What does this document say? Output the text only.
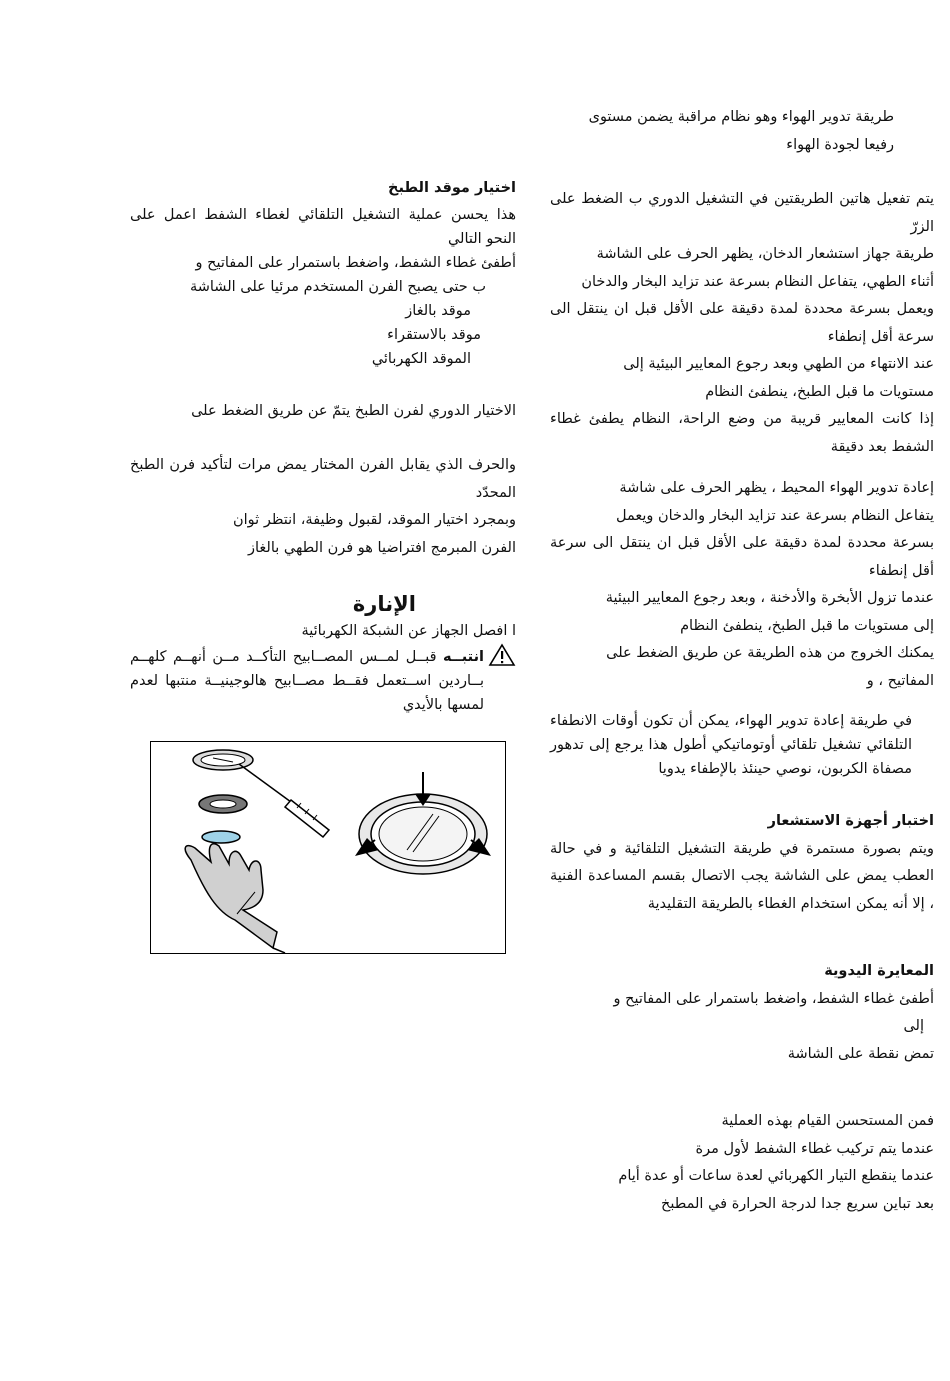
طريقة تدوير الهواء وهو نظام مراقبة يضمن مستوى

رفيعا لجودة الهواء

يتم تفعيل هاتين الطريقتين في التشغيل الدوري ب الضغط على الزرّ

طريقة جهاز استشعار الدخان، يظهر الحرف على الشاشة

أثناء الطهي، يتفاعل النظام بسرعة عند تزايد البخار والدخان

ويعمل بسرعة محددة لمدة دقيقة على الأقل قبل ان ينتقل الى سرعة أقل إنطفاء

عند الانتهاء من الطهي وبعد رجوع المعايير البيئية إلى

مستويات ما قبل الطبخ، ينطفئ النظام

إذا كانت المعايير قريبة من وضع الراحة، النظام يطفئ غطاء الشفط بعد دقيقة

إعادة تدوير الهواء المحيط ، يظهر الحرف على شاشة

يتفاعل النظام بسرعة عند تزايد البخار والدخان ويعمل

بسرعة محددة لمدة دقيقة على الأقل قبل ان ينتقل الى سرعة أقل إنطفاء

عندما تزول الأبخرة والأدخنة ، وبعد رجوع المعايير البيئية

إلى مستويات ما قبل الطبخ، ينطفئ النظام

يمكنك الخروج من هذه الطريقة عن طريق الضغط على

المفاتيح ، و

في طريقة إعادة تدوير الهواء، يمكن أن تكون أوقات الانطفاء التلقائي تشغيل تلقائي أوتوماتيكي أطول هذا يرجع إلى تدهور مصفاة الكربون، نوصي حينئذ بالإطفاء يدويا

اختبار أجهزة الاستشعار

ويتم بصورة مستمرة في طريقة التشغيل التلقائية و في حالة العطب يمض على الشاشة يجب الاتصال بقسم المساعدة الفنية ، إلا أنه يمكن استخدام الغطاء بالطريقة التقليدية

المعايرة اليدوية

أطفئ غطاء الشفط، واضغط باستمرار على المفاتيح و

إلى

تمض نقطة على الشاشة

فمن المستحسن القيام بهذه العملية

عندما يتم تركيب غطاء الشفط لأول مرة

عندما ينقطع التيار الكهربائي لعدة ساعات أو عدة أيام

بعد تباين سريع جدا لدرجة الحرارة في المطبخ

اختيار موقد الطبخ

هذا يحسن عملية التشغيل التلقائي لغطاء الشفط اعمل على النحو التالي

أطفئ غطاء الشفط، واضغط باستمرار على المفاتيح و

ب حتى يصبح الفرن المستخدم مرئيا على الشاشة

موقد بالغاز

موقد بالاستقراء

الموقد الكهربائي

الاختيار الدوري لفرن الطبخ يتمّ عن طريق الضغط على

والحرف الذي يقابل الفرن المختار يمض مرات لتأكيد فرن الطبخ المحدّد

وبمجرد اختيار الموقد، لقبول وظيفة، انتظر ثوان

الفرن المبرمج افتراضيا هو فرن الطهي بالغاز

الإنارة

ا افصل الجهاز عن الشبكة الكهربائية

انتبــه قبــل لمــس المصــابيح التأكــد مــن أنهــم كلهــم بــاردين اســتعمل فقــط مصــابيح هالوجينيــة منتبها لعدم لمسها بالأيدي
